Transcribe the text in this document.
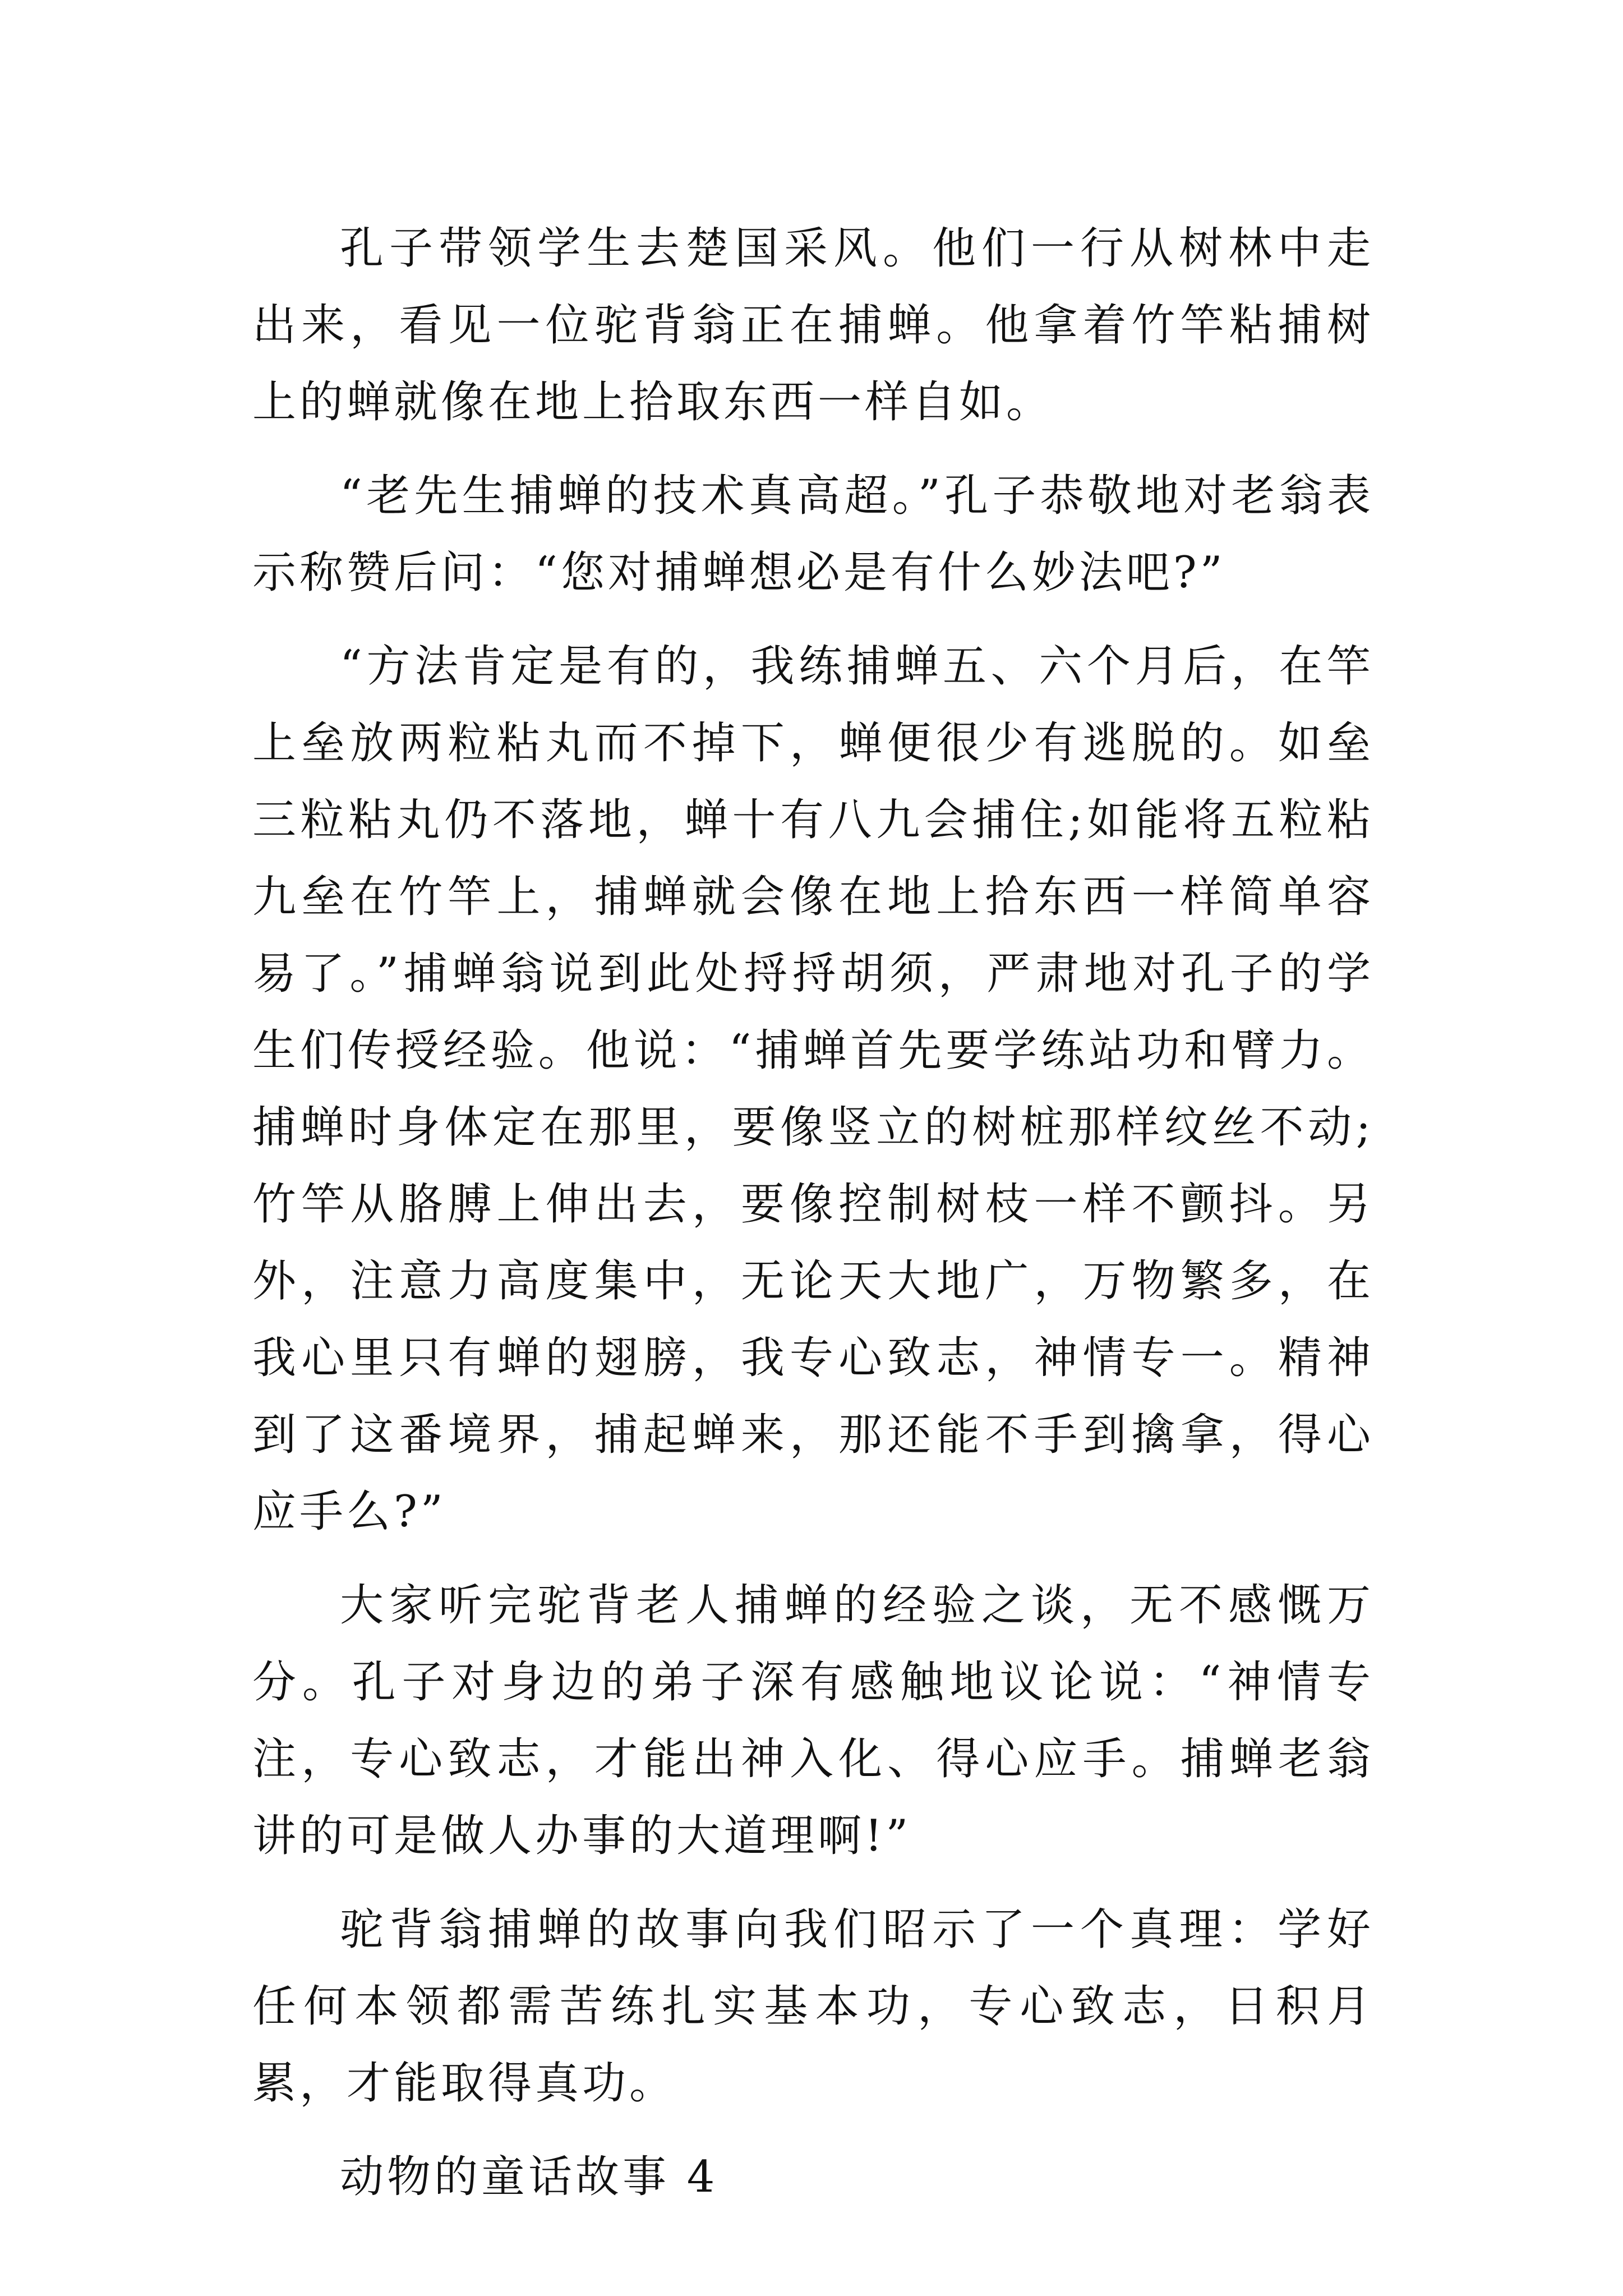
孔子带领学生去楚国采风。他们一行从树林中走出来，看见一位驼背翁正在捕蝉。他拿着竹竿粘捕树上的蝉就像在地上拾取东西一样自如。

“老先生捕蝉的技术真高超。”孔子恭敬地对老翁表示称赞后问：“您对捕蝉想必是有什么妙法吧?”

“方法肯定是有的，我练捕蝉五、六个月后，在竿上垒放两粒粘丸而不掉下，蝉便很少有逃脱的。如垒三粒粘丸仍不落地，蝉十有八九会捕住;如能将五粒粘九垒在竹竿上，捕蝉就会像在地上拾东西一样简单容易了。”捕蝉翁说到此处捋捋胡须，严肃地对孔子的学生们传授经验。他说：“捕蝉首先要学练站功和臂力。捕蝉时身体定在那里，要像竖立的树桩那样纹丝不动;竹竿从胳膊上伸出去，要像控制树枝一样不颤抖。另外，注意力高度集中，无论天大地广，万物繁多，在我心里只有蝉的翅膀，我专心致志，神情专一。精神到了这番境界，捕起蝉来，那还能不手到擒拿，得心应手么?”

大家听完驼背老人捕蝉的经验之谈，无不感慨万分。孔子对身边的弟子深有感触地议论说：“神情专注，专心致志，才能出神入化、得心应手。捕蝉老翁讲的可是做人办事的大道理啊!”

驼背翁捕蝉的故事向我们昭示了一个真理：学好任何本领都需苦练扎实基本功，专心致志，日积月累，才能取得真功。

动物的童话故事 4
